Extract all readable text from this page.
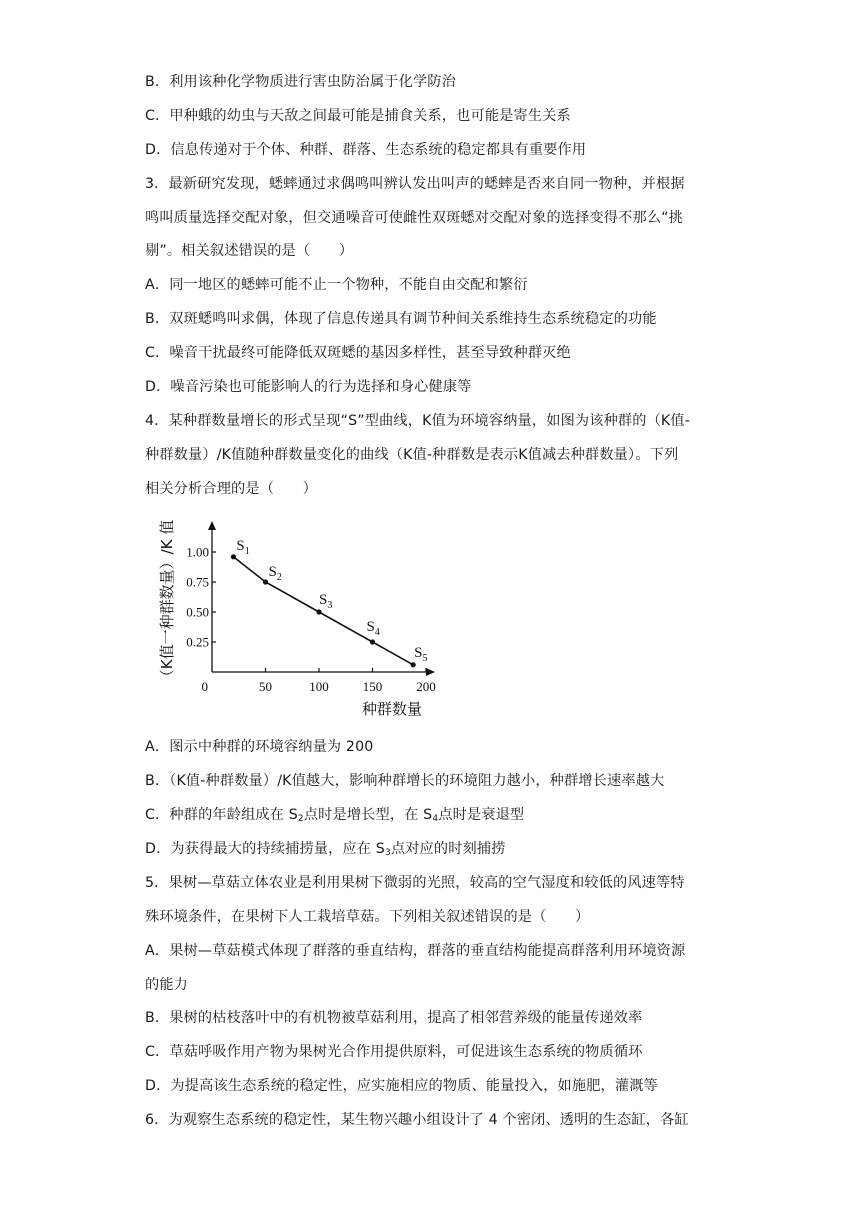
B．利用该种化学物质进行害虫防治属于化学防治
C．甲种蛾的幼虫与天敌之间最可能是捕食关系，也可能是寄生关系
D．信息传递对于个体、种群、群落、生态系统的稳定都具有重要作用
3．最新研究发现，蟋蟀通过求偶鸣叫辨认发出叫声的蟋蟀是否来自同一物种，并根据
鸣叫质量选择交配对象，但交通噪音可使雌性双斑蟋对交配对象的选择变得不那么“挑
剔”。相关叙述错误的是（　　）
A．同一地区的蟋蟀可能不止一个物种，不能自由交配和繁衍
B．双斑蟋鸣叫求偶，体现了信息传递具有调节种间关系维持生态系统稳定的功能
C．噪音干扰最终可能降低双斑蟋的基因多样性，甚至导致种群灭绝
D．噪音污染也可能影响人的行为选择和身心健康等
4．某种群数量增长的形式呈现“S”型曲线，K值为环境容纳量，如图为该种群的（K值-
种群数量）/K值随种群数量变化的曲线（K值-种群数是表示K值减去种群数量）。下列
相关分析合理的是（　　）
0	50	100	150	200
1.00
0.75
0.50
0.25
$S_1$
$S_2$
$S_3$
$S_4$
$S_5$
（K值一种群数量）/K 值
种群数量
A．图示中种群的环境容纳量为 200
B．（K值-种群数量）/K值越大，影响种群增长的环境阻力越小，种群增长速率越大
C．种群的年龄组成在 $S_2$点时是增长型，在 $S_4$点时是衰退型
D．为获得最大的持续捕捞量，应在 $S_3$点对应的时刻捕捞
5．果树—草菇立体农业是利用果树下微弱的光照，较高的空气湿度和较低的风速等特
殊环境条件，在果树下人工栽培草菇。下列相关叙述错误的是（　　）
A．果树—草菇模式体现了群落的垂直结构，群落的垂直结构能提高群落利用环境资源
的能力
B．果树的枯枝落叶中的有机物被草菇利用，提高了相邻营养级的能量传递效率
C．草菇呼吸作用产物为果树光合作用提供原料，可促进该生态系统的物质循环
D．为提高该生态系统的稳定性，应实施相应的物质、能量投入，如施肥，灌溉等
6．为观察生态系统的稳定性，某生物兴趣小组设计了 4 个密闭、透明的生态缸，各缸
